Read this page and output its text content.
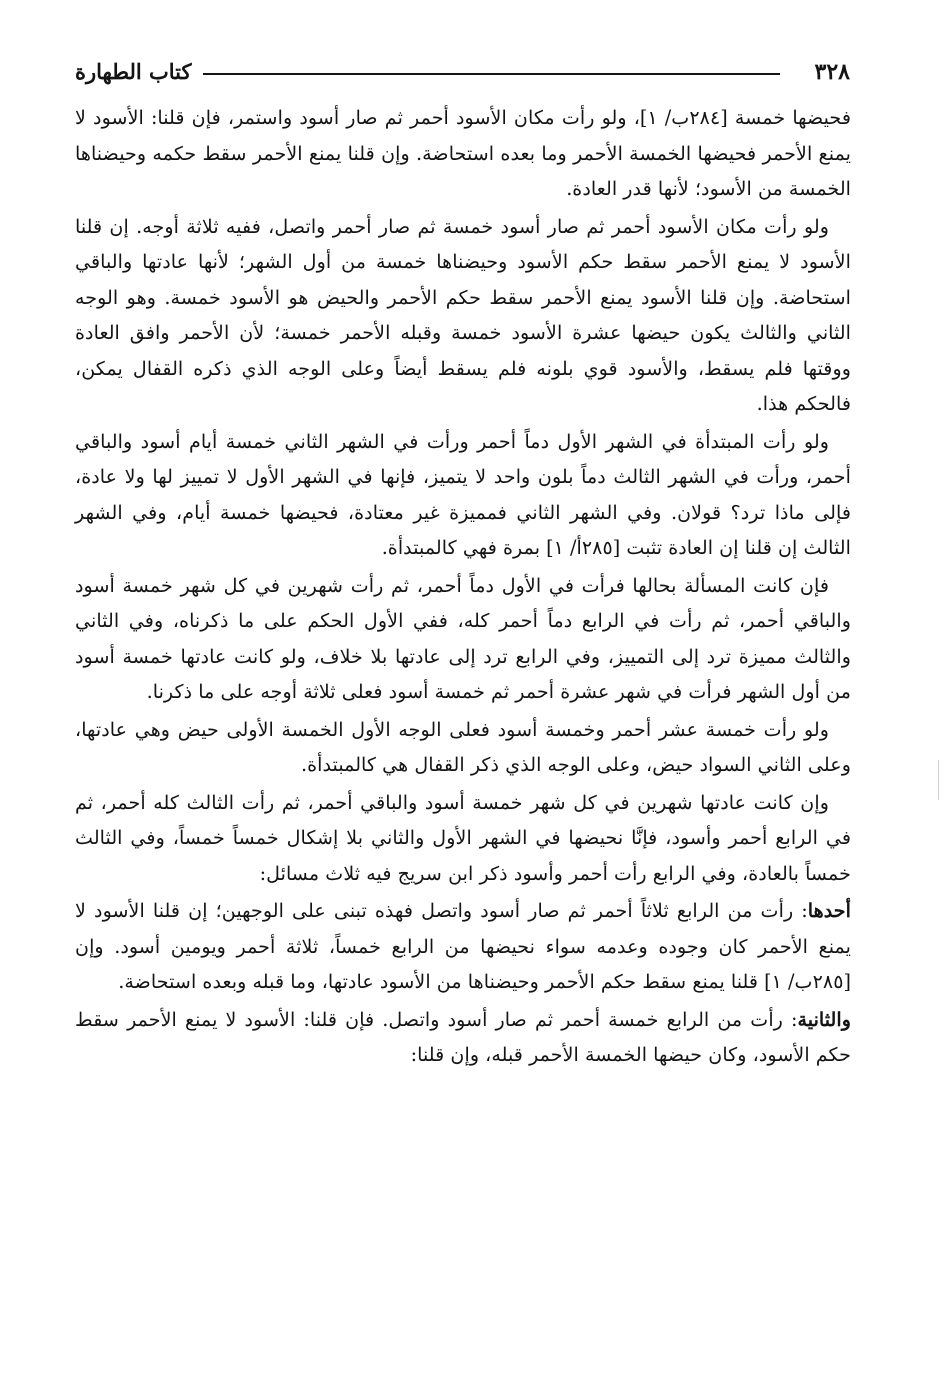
٣٢٨
كتاب الطهارة

فحيضها خمسة [٢٨٤ب/ ١]، ولو رأت مكان الأسود أحمر ثم صار أسود واستمر، فإن قلنا: الأسود لا يمنع الأحمر فحيضها الخمسة الأحمر وما بعده استحاضة. وإن قلنا يمنع الأحمر سقط حكمه وحيضناها الخمسة من الأسود؛ لأنها قدر العادة.

ولو رأت مكان الأسود أحمر ثم صار أسود خمسة ثم صار أحمر واتصل، ففيه ثلاثة أوجه. إن قلنا الأسود لا يمنع الأحمر سقط حكم الأسود وحيضناها خمسة من أول الشهر؛ لأنها عادتها والباقي استحاضة. وإن قلنا الأسود يمنع الأحمر سقط حكم الأحمر والحيض هو الأسود خمسة. وهو الوجه الثاني والثالث يكون حيضها عشرة الأسود خمسة وقبله الأحمر خمسة؛ لأن الأحمر وافق العادة ووقتها فلم يسقط، والأسود قوي بلونه فلم يسقط أيضاً وعلى الوجه الذي ذكره القفال يمكن، فالحكم هذا.

ولو رأت المبتدأة في الشهر الأول دماً أحمر ورأت في الشهر الثاني خمسة أيام أسود والباقي أحمر، ورأت في الشهر الثالث دماً بلون واحد لا يتميز، فإنها في الشهر الأول لا تمييز لها ولا عادة، فإلى ماذا ترد؟ قولان. وفي الشهر الثاني فمميزة غير معتادة، فحيضها خمسة أيام، وفي الشهر الثالث إن قلنا إن العادة تثبت [٢٨٥أ/ ١] بمرة فهي كالمبتدأة.

فإن كانت المسألة بحالها فرأت في الأول دماً أحمر، ثم رأت شهرين في كل شهر خمسة أسود والباقي أحمر، ثم رأت في الرابع دماً أحمر كله، ففي الأول الحكم على ما ذكرناه، وفي الثاني والثالث مميزة ترد إلى التمييز، وفي الرابع ترد إلى عادتها بلا خلاف، ولو كانت عادتها خمسة أسود من أول الشهر فرأت في شهر عشرة أحمر ثم خمسة أسود فعلى ثلاثة أوجه على ما ذكرنا.

ولو رأت خمسة عشر أحمر وخمسة أسود فعلى الوجه الأول الخمسة الأولى حيض وهي عادتها، وعلى الثاني السواد حيض، وعلى الوجه الذي ذكر القفال هي كالمبتدأة.

وإن كانت عادتها شهرين في كل شهر خمسة أسود والباقي أحمر، ثم رأت الثالث كله أحمر، ثم في الرابع أحمر وأسود، فإنَّا نحيضها في الشهر الأول والثاني بلا إشكال خمساً خمساً، وفي الثالث خمساً بالعادة، وفي الرابع رأت أحمر وأسود ذكر ابن سريج فيه ثلاث مسائل:

أحدها: رأت من الرابع ثلاثاً أحمر ثم صار أسود واتصل فهذه تبنى على الوجهين؛ إن قلنا الأسود لا يمنع الأحمر كان وجوده وعدمه سواء نحيضها من الرابع خمساً، ثلاثة أحمر ويومين أسود. وإن [٢٨٥ب/ ١] قلنا يمنع سقط حكم الأحمر وحيضناها من الأسود عادتها، وما قبله وبعده استحاضة.

والثانية: رأت من الرابع خمسة أحمر ثم صار أسود واتصل. فإن قلنا: الأسود لا يمنع الأحمر سقط حكم الأسود، وكان حيضها الخمسة الأحمر قبله، وإن قلنا:
